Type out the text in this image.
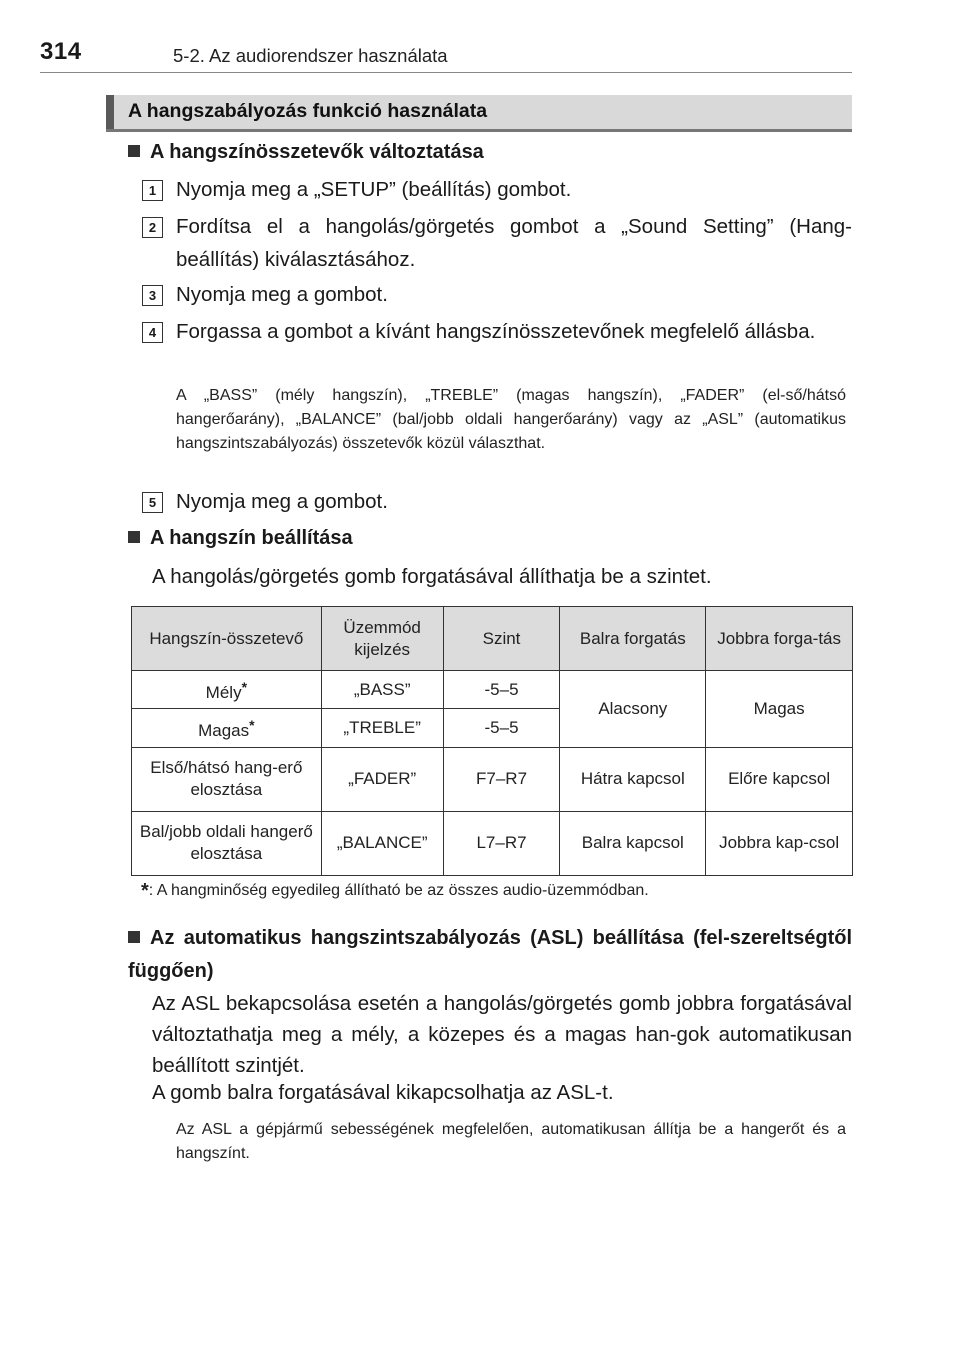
314	5-2. Az audiorendszer használata
A hangszabályozás funkció használata
A hangszínösszetevők változtatása
1 Nyomja meg a „SETUP” (beállítás) gombot.
2 Fordítsa el a hangolás/görgetés gombot a „Sound Setting” (Hang-beállítás) kiválasztásához.
3 Nyomja meg a gombot.
4 Forgassa a gombot a kívánt hangszínösszetevőnek megfelelő állásba.
A „BASS” (mély hangszín), „TREBLE” (magas hangszín), „FADER” (el-ső/hátsó hangerőarány), „BALANCE” (bal/jobb oldali hangerőarány) vagy az „ASL” (automatikus hangszintszabályozás) összetevők közül választhat.
5 Nyomja meg a gombot.
A hangszín beállítása
A hangolás/görgetés gomb forgatásával állíthatja be a szintet.
Hangszín-összetevő	Üzemmód kijelzés	Szint	Balra forgatás	Jobbra forga-tás
Mély*	„BASS”	-5–5	Alacsony	Magas
Magas*	„TREBLE”	-5–5		
Első/hátsó hang-erő elosztása	„FADER”	F7–R7	Hátra kapcsol	Előre kapcsol
Bal/jobb oldali hangerő elosztása	„BALANCE”	L7–R7	Balra kapcsol	Jobbra kap-csol
*: A hangminőség egyedileg állítható be az összes audio-üzemmódban.
Az automatikus hangszintszabályozás (ASL) beállítása (fel-szereltségtől függően)
Az ASL bekapcsolása esetén a hangolás/görgetés gomb jobbra forgatásával változtathatja meg a mély, a közepes és a magas han-gok automatikusan beállított szintjét.
A gomb balra forgatásával kikapcsolhatja az ASL-t.
Az ASL a gépjármű sebességének megfelelően, automatikusan állítja be a hangerőt és a hangszínt.
